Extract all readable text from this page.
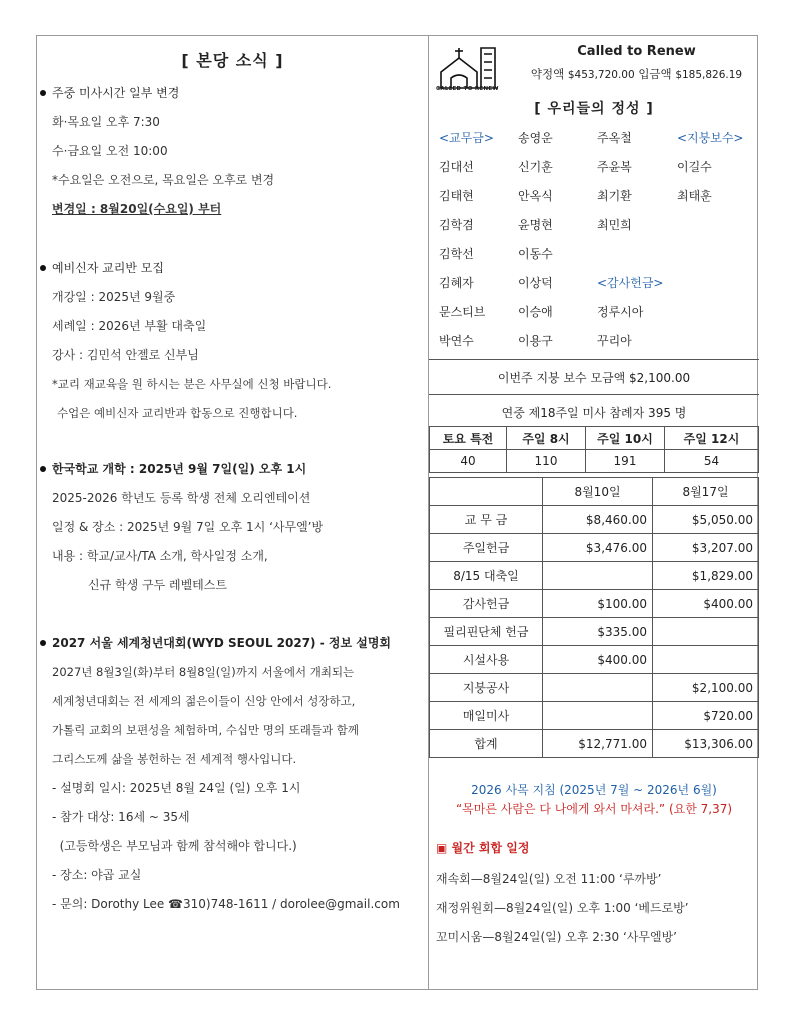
[ 본당 소식 ]
주중 미사시간 일부 변경
화·목요일 오후 7:30
수·금요일 오전 10:00
*수요일은 오전으로, 목요일은 오후로 변경
변경일 : 8월20일(수요일) 부터
예비신자 교리반 모집
개강일 : 2025년 9월중
세례일 : 2026년 부활 대축일
강사 : 김민석 안젤로 신부님
*교리 재교육을 원 하시는 분은 사무실에 신청 바랍니다.
수업은 예비신자 교리반과 합동으로 진행합니다.
한국학교 개학 : 2025년 9월 7일(일) 오후 1시
2025-2026 학년도 등록 학생 전체 오리엔테이션
일정 & 장소 : 2025년 9월 7일 오후 1시 ‘사무엘’방
내용 : 학교/교사/TA 소개, 학사일정 소개,
신규 학생 구두 레벨테스트
2027 서울 세계청년대회(WYD SEOUL 2027) - 정보 설명회
2027년 8월3일(화)부터 8월8일(일)까지 서울에서 개최되는
세계청년대회는 전 세계의 젊은이들이 신앙 안에서 성장하고,
가톨릭 교회의 보편성을 체험하며, 수십만 명의 또래들과 함께
그리스도께 삶을 봉헌하는 전 세계적 행사입니다.
- 설명회 일시: 2025년 8월 24일 (일) 오후 1시
- 참가 대상: 16세 ~ 35세
(고등학생은 부모님과 함께 참석해야 합니다.)
- 장소: 야곱 교실
- 문의: Dorothy Lee ☎310)748-1611 / dorolee@gmail.com
CALLED TO RENEW
Called to Renew
약정액 $453,720.00 입금액 $185,826.19
[ 우리들의 정성 ]
<교무금>	송영운	주옥철	<지붕보수>
김대선	신기훈	주윤복	이길수
김태현	안옥식	최기환	최태훈
김학겸	윤명현	최민희
김학선	이동수
김혜자	이상덕	<감사헌금>
문스티브	이승애	정루시아
박연수	이용구	꾸리아
이번주 지붕 보수 모금액 $2,100.00
연중 제18주일 미사 참례자 395 명
토요 특전	주일 8시	주일 10시	주일 12시
40	110	191	54
	8월10일	8월17일
교 무 금	$8,460.00	$5,050.00
주일헌금	$3,476.00	$3,207.00
8/15 대축일		$1,829.00
감사헌금	$100.00	$400.00
필리핀단체 헌금	$335.00	
시설사용	$400.00	
지붕공사		$2,100.00
매일미사		$720.00
합계	$12,771.00	$13,306.00
2026 사목 지침 (2025년 7월 ~ 2026년 6월)
“목마른 사람은 다 나에게 와서 마셔라.” (요한 7,37)
▣ 월간 회합 일정
재속회—8월24일(일) 오전 11:00 ‘루까방’
재정위원회—8월24일(일) 오후 1:00 ‘베드로방’
꼬미시움—8월24일(일) 오후 2:30 ‘사무엘방’
